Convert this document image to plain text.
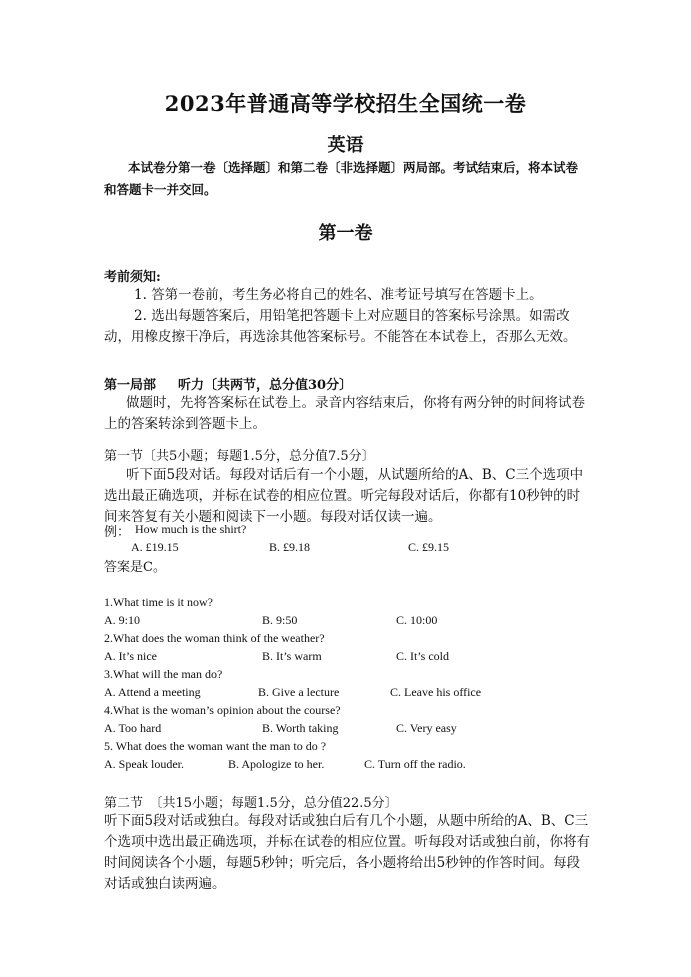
2023年普通高等学校招生全国统一卷
英语
本试卷分第一卷〔选择题〕和第二卷〔非选择题〕两局部。考试结束后，将本试卷和答题卡一并交回。
第一卷
考前须知:
1. 答第一卷前，考生务必将自己的姓名、准考证号填写在答题卡上。
2. 选出每题答案后，用铅笔把答题卡上对应题目的答案标号涂黑。如需改动，用橡皮擦干净后，再选涂其他答案标号。不能答在本试卷上，否那么无效。
第一局部 听力〔共两节，总分值30分〕
做题时，先将答案标在试卷上。录音内容结束后，你将有两分钟的时间将试卷上的答案转涂到答题卡上。
第一节〔共5小题；每题1.5分，总分值7.5分〕
听下面5段对话。每段对话后有一个小题，从试题所给的A、B、C三个选项中选出最正确选项，并标在试卷的相应位置。听完每段对话后，你都有10秒钟的时间来答复有关小题和阅读下一小题。每段对话仅读一遍。
例： How much is the shirt?
A. £19.15	B. £9.18	C. £9.15
答案是C。
1.What time is it now?
A. 9:10	B. 9:50	C. 10:00
2.What does the woman think of the weather?
A. It’s nice	B. It’s warm	C. It’s cold
3.What will the man do?
A. Attend a meeting	B. Give a lecture	C. Leave his office
4.What is the woman’s opinion about the course?
A. Too hard	B. Worth taking	C. Very easy
5. What does the woman want the man to do ?
A. Speak louder.	B. Apologize to her.	C. Turn off the radio.
第二节　〔共15小题；每题1.5分，总分值22.5分〕
听下面5段对话或独白。每段对话或独白后有几个小题，从题中所给的A、B、C三个选项中选出最正确选项，并标在试卷的相应位置。听每段对话或独白前，你将有时间阅读各个小题，每题5秒钟；听完后，各小题将给出5秒钟的作答时间。每段对话或独白读两遍。
